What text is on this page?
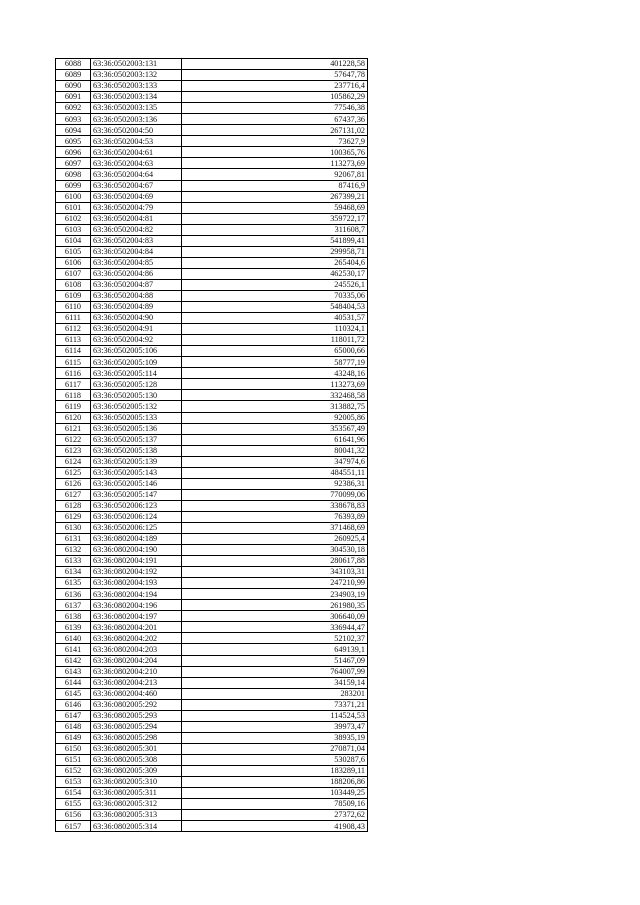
6088	63:36:0502003:131	401228,58
6089	63:36:0502003:132	57647,78
6090	63:36:0502003:133	237716,4
6091	63:36:0502003:134	105862,29
6092	63:36:0502003:135	77546,38
6093	63:36:0502003:136	67437,36
6094	63:36:0502004:50	267131,02
6095	63:36:0502004:53	73627,9
6096	63:36:0502004:61	100365,76
6097	63:36:0502004:63	113273,69
6098	63:36:0502004:64	92067,81
6099	63:36:0502004:67	87416,9
6100	63:36:0502004:69	267399,21
6101	63:36:0502004:79	59468,69
6102	63:36:0502004:81	359722,17
6103	63:36:0502004:82	311608,7
6104	63:36:0502004:83	541899,41
6105	63:36:0502004:84	299958,71
6106	63:36:0502004:85	265404,6
6107	63:36:0502004:86	462530,17
6108	63:36:0502004:87	245526,1
6109	63:36:0502004:88	70335,06
6110	63:36:0502004:89	548404,53
6111	63:36:0502004:90	40531,57
6112	63:36:0502004:91	110324,1
6113	63:36:0502004:92	118011,72
6114	63:36:0502005:106	65000,66
6115	63:36:0502005:109	58777,19
6116	63:36:0502005:114	43248,16
6117	63:36:0502005:128	113273,69
6118	63:36:0502005:130	332468,58
6119	63:36:0502005:132	313882,75
6120	63:36:0502005:133	92005,86
6121	63:36:0502005:136	353567,49
6122	63:36:0502005:137	61641,96
6123	63:36:0502005:138	80041,32
6124	63:36:0502005:139	347974,6
6125	63:36:0502005:143	484551,11
6126	63:36:0502005:146	92386,31
6127	63:36:0502005:147	770099,06
6128	63:36:0502006:123	338678,83
6129	63:36:0502006:124	76393,89
6130	63:36:0502006:125	371468,69
6131	63:36:0802004:189	260925,4
6132	63:36:0802004:190	304530,18
6133	63:36:0802004:191	280617,88
6134	63:36:0802004:192	343103,31
6135	63:36:0802004:193	247210,99
6136	63:36:0802004:194	234903,19
6137	63:36:0802004:196	261980,35
6138	63:36:0802004:197	306640,09
6139	63:36:0802004:201	336944,47
6140	63:36:0802004:202	52102,37
6141	63:36:0802004:203	649139,1
6142	63:36:0802004:204	51467,09
6143	63:36:0802004:210	764007,99
6144	63:36:0802004:213	34159,14
6145	63:36:0802004:460	283201
6146	63:36:0802005:292	73371,21
6147	63:36:0802005:293	114524,53
6148	63:36:0802005:294	39973,47
6149	63:36:0802005:298	38935,19
6150	63:36:0802005:301	270871,04
6151	63:36:0802005:308	530287,6
6152	63:36:0802005:309	183289,11
6153	63:36:0802005:310	188206,86
6154	63:36:0802005:311	103449,25
6155	63:36:0802005:312	78509,16
6156	63:36:0802005:313	27372,62
6157	63:36:0802005:314	41908,43
